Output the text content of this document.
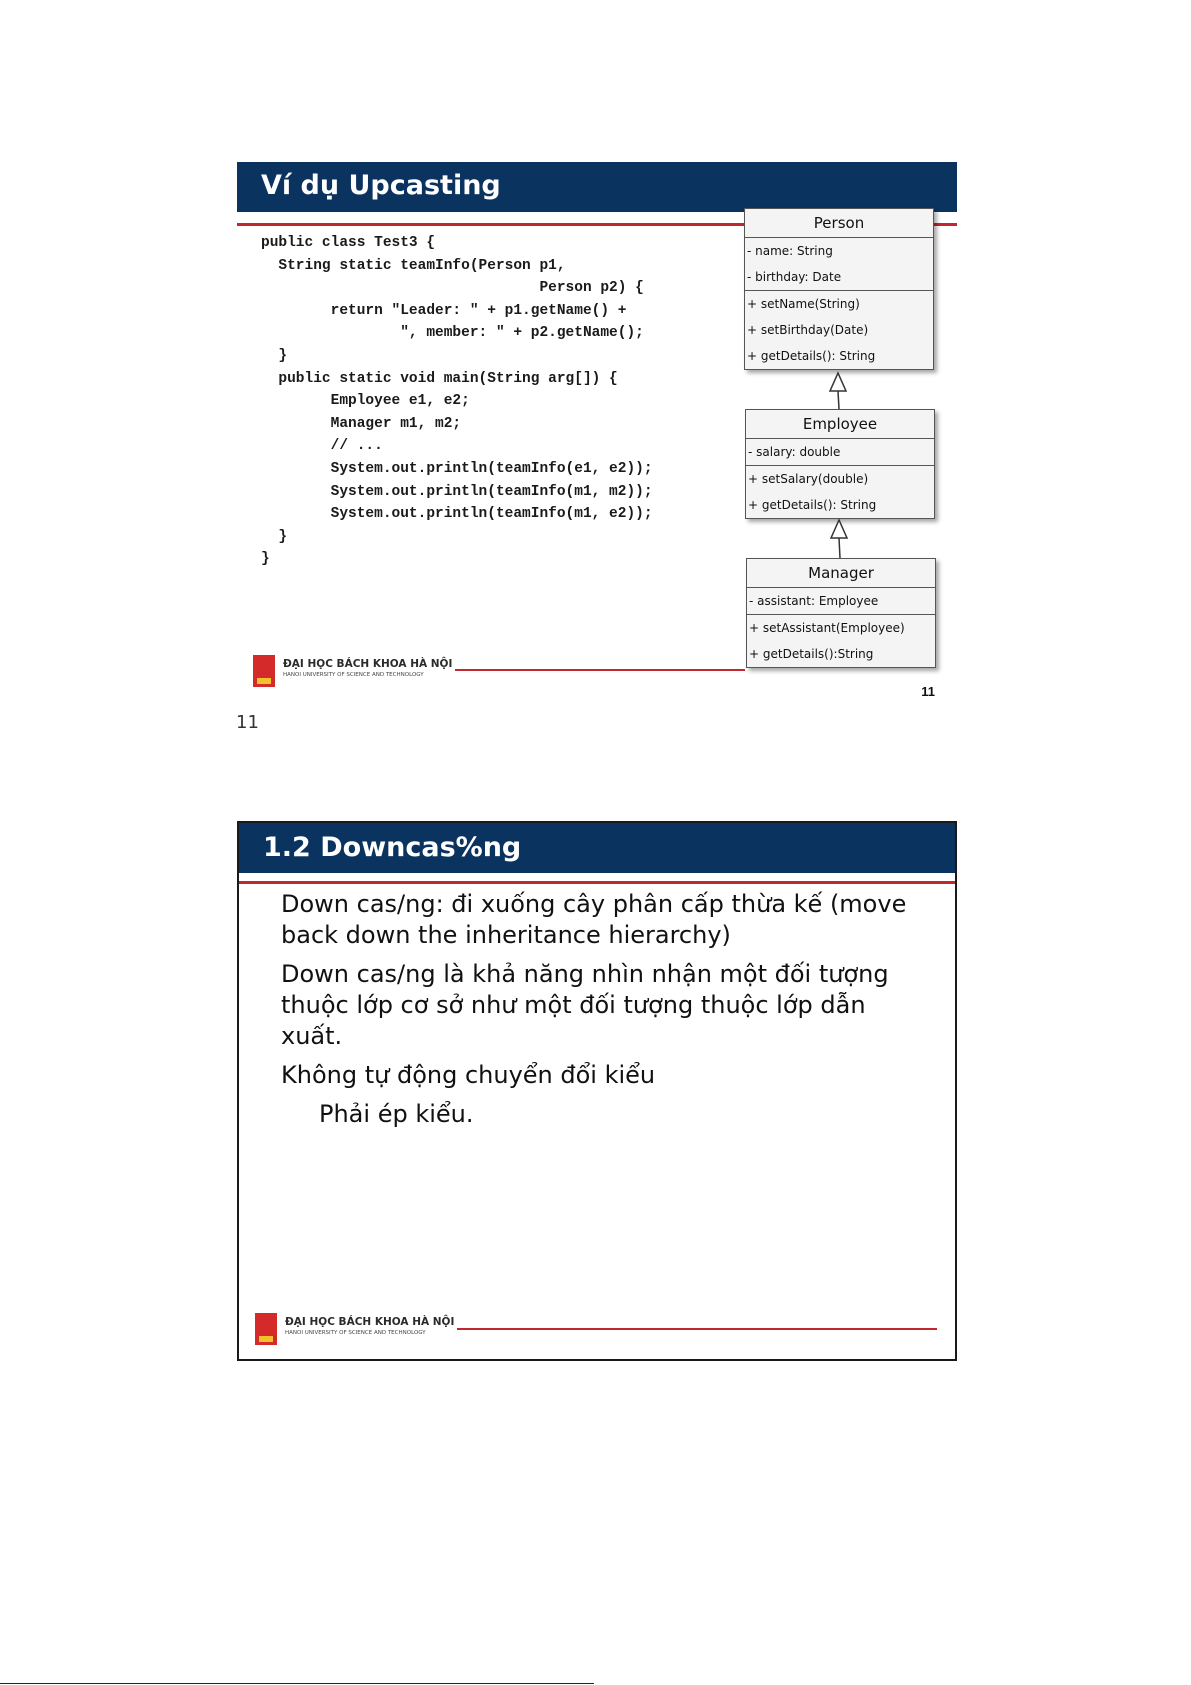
Ví dụ Upcasting
public class Test3 {
String static teamInfo(Person p1,
Person p2) {
return "Leader: " + p1.getName() +
", member: " + p2.getName();
}
public static void main(String arg[]) {
Employee e1, e2;
Manager m1, m2;
// ...
System.out.println(teamInfo(e1, e2));
System.out.println(teamInfo(m1, m2));
System.out.println(teamInfo(m1, e2));
}
}
Person
- name: String
- birthday: Date
+ setName(String)
+ setBirthday(Date)
+ getDetails(): String
Employee
- salary: double
+ setSalary(double)
+ getDetails(): String
Manager
- assistant: Employee
+ setAssistant(Employee)
+ getDetails():String
ĐẠI HỌC BÁCH KHOA HÀ NỘI
HANOI UNIVERSITY OF SCIENCE AND TECHNOLOGY
11
11
1.2 Downcas%ng
Down cas/ng: đi xuống cây phân cấp thừa kế (move back down the inheritance hierarchy)
Down cas/ng là khả năng nhìn nhận một đối tượng thuộc lớp cơ sở như một đối tượng thuộc lớp dẫn xuất.
Không tự động chuyển đổi kiểu
Phải ép kiểu.
ĐẠI HỌC BÁCH KHOA HÀ NỘI
HANOI UNIVERSITY OF SCIENCE AND TECHNOLOGY
